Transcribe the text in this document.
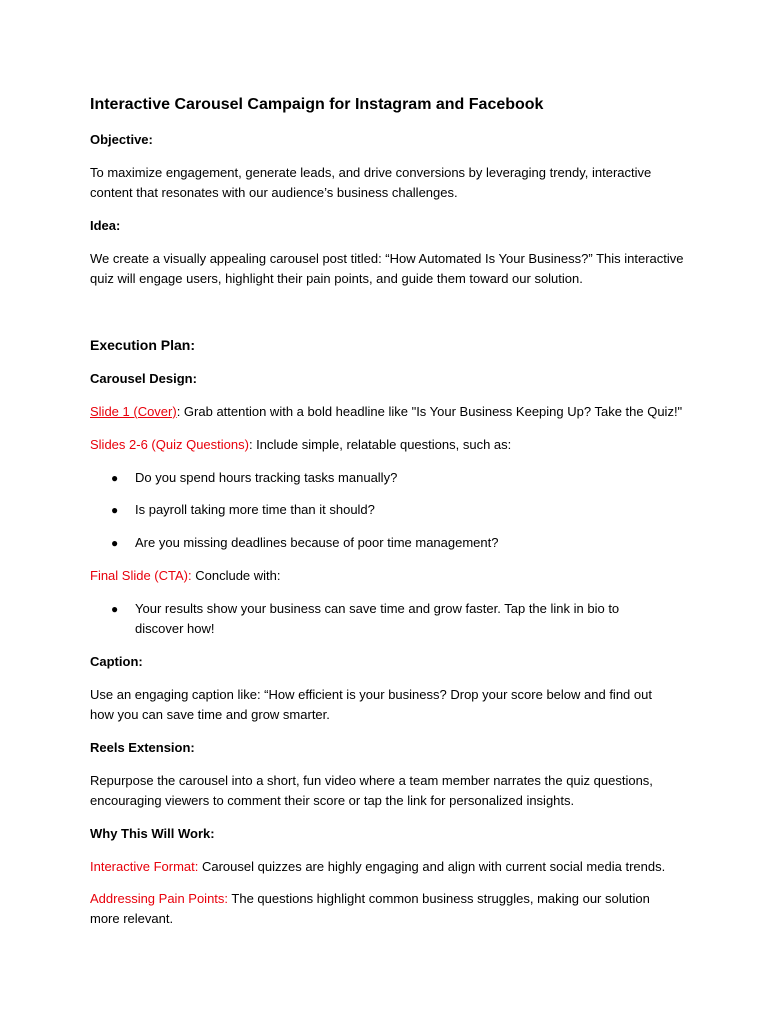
Interactive Carousel Campaign for Instagram and Facebook

Objective:

To maximize engagement, generate leads, and drive conversions by leveraging trendy, interactive content that resonates with our audience’s business challenges.

Idea:

We create a visually appealing carousel post titled: “How Automated Is Your Business?” This interactive quiz will engage users, highlight their pain points, and guide them toward our solution.

Execution Plan:

Carousel Design:

Slide 1 (Cover): Grab attention with a bold headline like "Is Your Business Keeping Up? Take the Quiz!"

Slides 2-6 (Quiz Questions): Include simple, relatable questions, such as:

● Do you spend hours tracking tasks manually?

● Is payroll taking more time than it should?

● Are you missing deadlines because of poor time management?

Final Slide (CTA): Conclude with:

● Your results show your business can save time and grow faster. Tap the link in bio to discover how!

Caption:

Use an engaging caption like: “How efficient is your business? Drop your score below and find out how you can save time and grow smarter.

Reels Extension:

Repurpose the carousel into a short, fun video where a team member narrates the quiz questions, encouraging viewers to comment their score or tap the link for personalized insights.

Why This Will Work:

Interactive Format: Carousel quizzes are highly engaging and align with current social media trends.

Addressing Pain Points: The questions highlight common business struggles, making our solution more relevant.
